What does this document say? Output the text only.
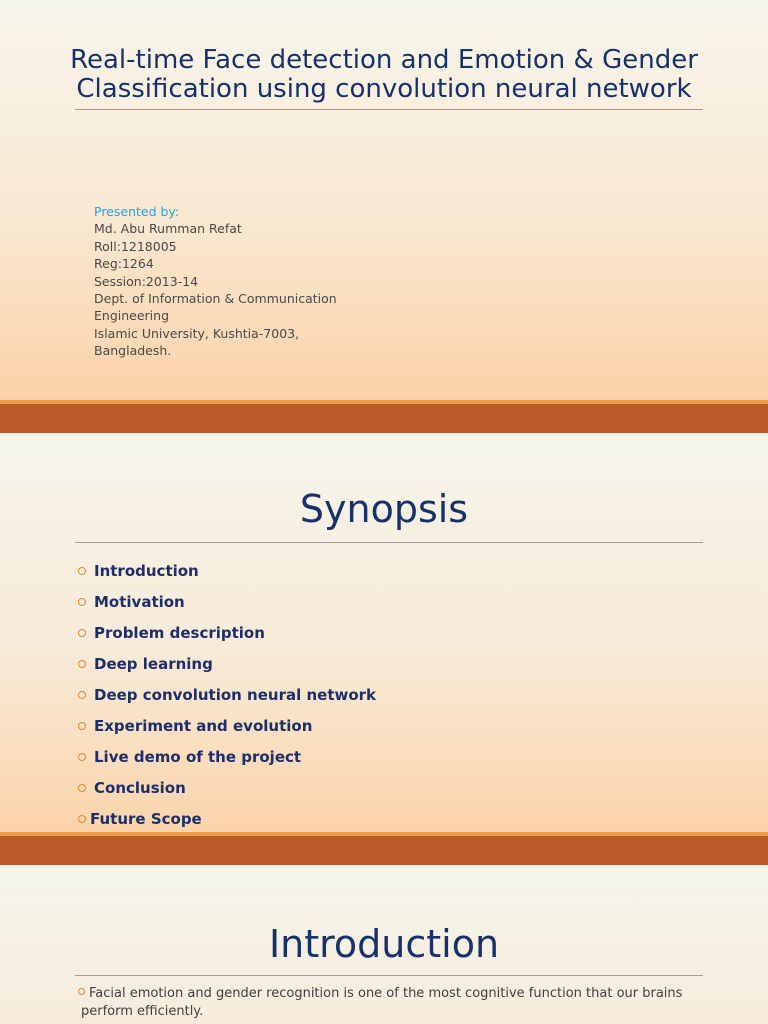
Real-time Face detection and Emotion & Gender
Classification using convolution neural network
Presented by:
Md. Abu Rumman Refat
Roll:1218005
Reg:1264
Session:2013-14
Dept. of Information & Communication
Engineering
Islamic University, Kushtia-7003,
Bangladesh.
Synopsis
Introduction
Motivation
Problem description
Deep learning
Deep convolution neural network
Experiment and evolution
Live demo of the project
Conclusion
Future Scope
Introduction
Facial emotion and gender recognition is one of the most cognitive function that our brains
perform efficiently.
